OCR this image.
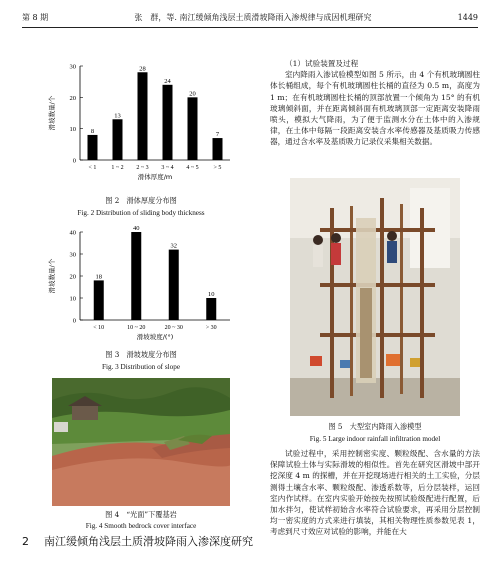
第 8 期	张　群，等. 南江缓倾角浅层土质滑坡降雨入渗规律与成因机理研究	1449
0
10
20
30
滑坡数量/个
8
< 1
13
1 ~ 2
28
2 ~ 3
24
3 ~ 4
20
4 ~ 5
7
> 5
滑体厚度/m
图 2　滑体厚度分布图
Fig. 2 Distribution of sliding body thickness
0
10
20
30
40
滑坡数量/个	18
< 10
40
10 ~ 20
32
20 ~ 30
10
> 30
滑坡坡度/(°)
图 3　滑坡坡度分布图
Fig. 3 Distribution of slope
图 4　“光面”下覆基岩
Fig. 4 Smooth bedrock cover interface
2 南江缓倾角浅层土质滑坡降雨入渗深度研究

（1）试验装置及过程

室内降雨入渗试验模型如图 5 所示，由 4 个有机玻璃圆柱体长桶组成，每个有机玻璃圆柱长桶的直径为 0.5 m，高度为 1 m；在有机玻璃圆柱长桶的顶部放置一个倾角为 15° 的有机玻璃倾斜面，并在距离倾斜面有机玻璃顶部一定距离安装降雨喷头，模拟大气降雨，为了便于监测水分在土体中的入渗规律，在土体中每隔一段距离安装含水率传感器及基质吸力传感器，通过含水率及基质吸力记录仪采集相关数据。

图 5　大型室内降雨入渗模型
Fig. 5 Large indoor rainfall infiltration model

试验过程中，采用控制密实度、颗粒级配、含水量的方法保障试验土体与实际滑坡的相似性。首先在研究区滑坡中部开挖深度 4 m 的探槽，并在开挖现场进行相关的土工实验，分层测得土壤含水率、颗粒级配、渗透系数等，后分层装样，运回室内作试样。在室内实验开始按先按照试验级配进行配置，后加水拌匀，使试样初始含水率符合试验要求，再采用分层控制均一密实度的方式来进行填装，其相关物理性质参数见表 1，考虑到尺寸效应对试验的影响，并能在大
